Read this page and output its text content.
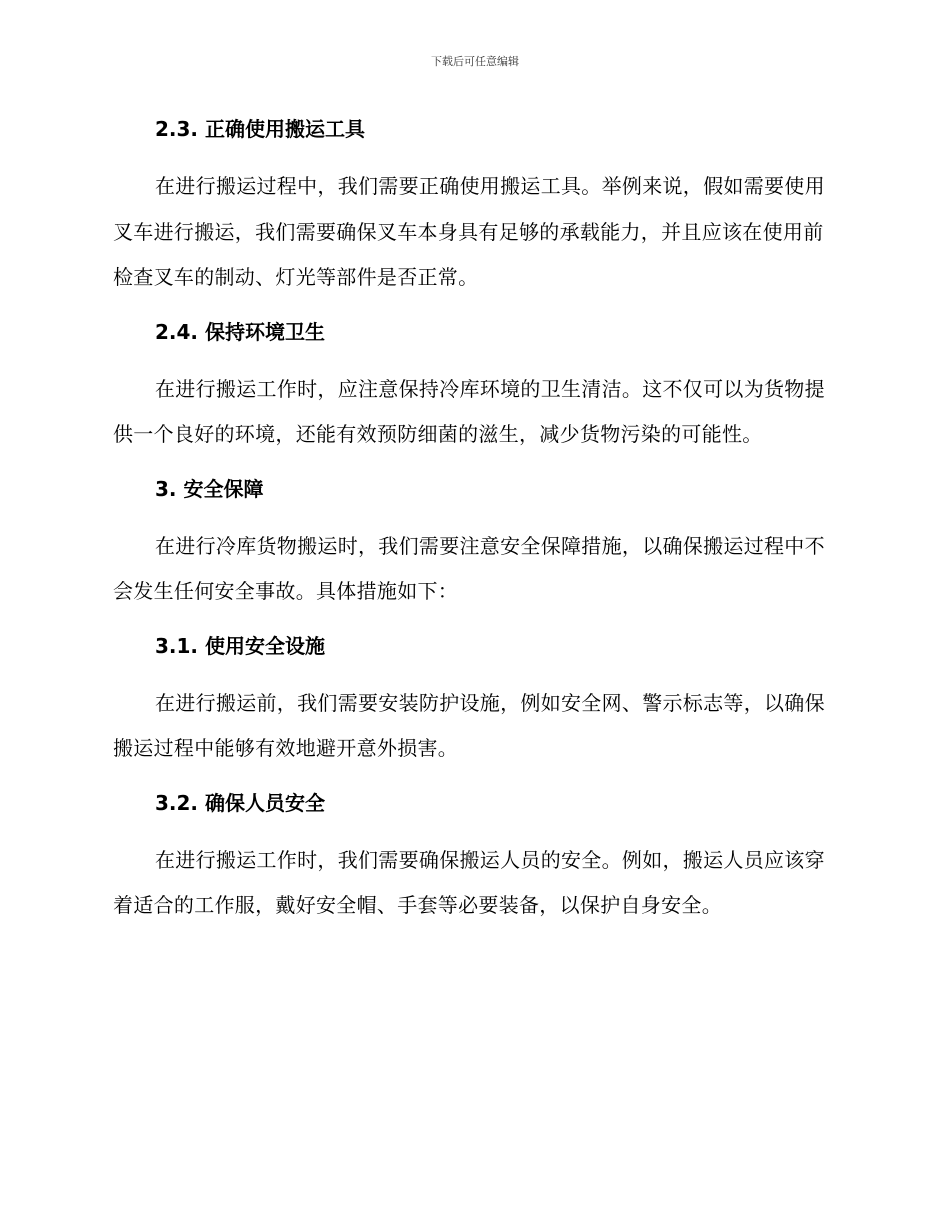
下载后可任意编辑
2.3. 正确使用搬运工具

在进行搬运过程中，我们需要正确使用搬运工具。举例来说，假如需要使用叉车进行搬运，我们需要确保叉车本身具有足够的承载能力，并且应该在使用前检查叉车的制动、灯光等部件是否正常。

2.4. 保持环境卫生

在进行搬运工作时，应注意保持冷库环境的卫生清洁。这不仅可以为货物提供一个良好的环境，还能有效预防细菌的滋生，减少货物污染的可能性。

3. 安全保障

在进行冷库货物搬运时，我们需要注意安全保障措施，以确保搬运过程中不会发生任何安全事故。具体措施如下：

3.1. 使用安全设施

在进行搬运前，我们需要安装防护设施，例如安全网、警示标志等，以确保搬运过程中能够有效地避开意外损害。

3.2. 确保人员安全

在进行搬运工作时，我们需要确保搬运人员的安全。例如，搬运人员应该穿着适合的工作服，戴好安全帽、手套等必要装备，以保护自身安全。
